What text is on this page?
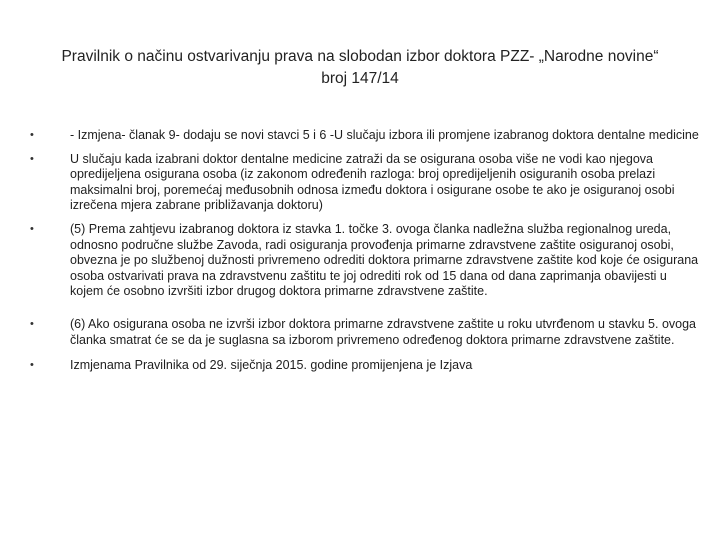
Pravilnik o načinu ostvarivanju prava na slobodan izbor doktora PZZ- „Narodne novine“ broj 147/14
•	- Izmjena- članak 9- dodaju se novi stavci 5 i 6 -U slučaju izbora ili promjene izabranog doktora dentalne medicine
•	U slučaju kada izabrani doktor dentalne medicine zatraži da se osigurana osoba više ne vodi kao njegova opredijeljena osigurana osoba (iz zakonom određenih razloga: broj opredijeljenih osiguranih osoba prelazi maksimalni broj, poremećaj međusobnih odnosa između doktora i osigurane osobe te ako je osiguranoj osobi izrečena mjera zabrane približavanja doktoru)
•	(5) Prema zahtjevu izabranog doktora iz stavka 1. točke 3. ovoga članka nadležna služba regionalnog ureda, odnosno područne službe Zavoda, radi osiguranja provođenja primarne zdravstvene zaštite osiguranoj osobi, obvezna je po službenoj dužnosti privremeno odrediti doktora primarne zdravstvene zaštite kod koje će osigurana osoba ostvarivati prava na zdravstvenu zaštitu te joj odrediti rok od 15 dana od dana zaprimanja obavijesti u kojem će osobno izvršiti izbor drugog doktora primarne zdravstvene zaštite.
•	(6) Ako osigurana osoba ne izvrši izbor doktora primarne zdravstvene zaštite u roku utvrđenom u stavku 5. ovoga članka smatrat će se da je suglasna sa izborom privremeno određenog doktora primarne zdravstvene zaštite.
•	Izmjenama Pravilnika od 29. siječnja 2015. godine promijenjena je Izjava
